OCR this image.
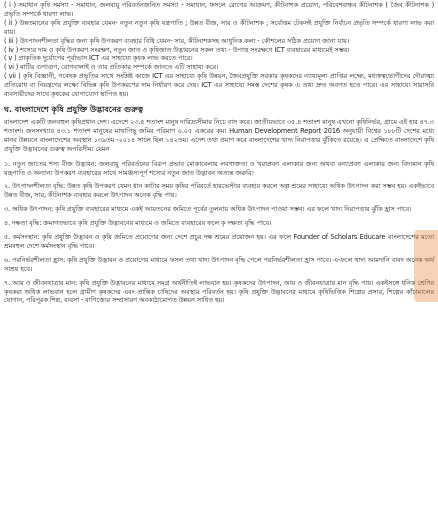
( i ) সমাধান কৃষি সমস্যা - সমাধান, জলবায়ু পরিবর্তনজনিত সমস্যা - সমাধান, ফসলে রোগের আক্রমণ, কীটনাশক প্রয়োগ, পরিবেশবান্ধব কীটনাশক ( জৈব কীটনাশক ) প্রভৃতি সম্পর্কে ধারণা লাভ।

( ii ) উন্নতমানের কৃষি প্রযুক্তি ব্যবহার যেমন- নতুন নতুন কৃষি যন্ত্রপাতি ; উন্নত বীজ, সার ও কীটনাশক ; সর্বোত্তম টেকসই প্রযুক্তি নির্বাচন প্রভৃতি সম্পর্কে ধারণা লাভ করা যায়।

( iii ) উৎপাদনশীলতা বৃদ্ধির জন্য কৃষি উপকরণ ব্যবহার বিধি যেমন- সার, কীটনাশকসহ আধুনিক কলা - কৌশলের সঠিক প্রয়োগ জানা যায়।

( iv ) শস্যের দাম ও কৃষি উপকরণ সংরক্ষণ, নতুন জাত ও কৃষিজাত উদ্ভাবনের সকল তথ্য - উপাত্ত সংরক্ষণে ICT ব্যবহারের মাধ্যমেই সম্ভব।

( v ) প্রাকৃতিক দুর্যোগের পূর্বাভাস ICT এর সাহায্যে কৃষক লাভ করতে পারে।

( vi ) মাটির গুণাগুণ, রোগবালাই ও তার প্রতিকার সম্পর্কে জানতে এটি সাহায্য করে।

( vii ) কৃষি বিজ্ঞানী, গবেষক প্রভৃতির সাথে সংশ্লিষ্ট কাজে ICT এর সাহায্যে কৃষি উন্নয়ন, জৈবপ্রযুক্তি সরকার কৃষকদের ন্যায্যমূল্য প্রাপ্তির লক্ষ্যে, মধ্যস্বত্বভোগীদের দৌরাত্ম্য প্রতিরোধ বা নিয়ন্ত্রণের লক্ষ্যে বিভিন্ন কৃষি উপকরণের দাম নির্ধারণ করে দেয়। ICT এর সাহায্যে সমস্ত দেশের কৃষক এ তথ্য দ্রুত অবগত হতে পারে। এর সাহায্যে সারাসরি ব্যবসায়ীদের সাথে কৃষকের যোগাযোগ স্থাপিত হয়।

ঘ. বাংলাদেশে কৃষি প্রযুক্তি উদ্ভাবনের গুরুত্ব

বাংলাদেশ একটি জনবহুল কৃষিপ্রধান দেশ। এদেশে ২৩.৫ শতাংশ মানুষ দারিদ্র্যসীমার নিচে বাস করে। জাতীয়ভাবে ৩৫.৪ শতাংশ মানুষ এখনো কৃষিনির্ভর, গ্রামে এই হার ৪৭.৩ শতাংশ। জনসংখ্যার ৪৩.১ শতাংশ মানুষের মাথাপিছু জমির পরিমাণ ০.০৫ একরের কম। Human Development Report 2016 অনুযায়ী বিশ্বের ১৮৮টি দেশের মধ্যে মানব উন্নয়নে বাংলাদেশের অবস্থান ১৩৯তম -২০১৪ সালে ছিল ১৪২তম। এদেশ তথ্য প্রমাণ করে বাংলাদেশের খাদ্য নিরাপত্তার ঝুঁকিতে রয়েছে। এ প্রেক্ষিতে বাংলাদেশে কৃষি প্রযুক্তি উদ্ভাবনের গুরুত্ব অপরিসীম। যেমন

১. নতুন জাতের শস্য বীজ উদ্ভাবন: জলবায়ু পরিবর্তনের বিরূপ প্রভাব মোকাবেলায় লবণাক্ততা ও খরাপ্রবণ এলাকার জন্য অথবা বন্যাপ্রবণ এলাকার জন্য বিদ্যমান কৃষি যন্ত্রপাতি ও অন্যান্য উপকরণ ব্যবহারের সাথে সামঞ্জস্যপূর্ণ শস্যের নতুন জাত উদ্ভাবন অত্যন্ত জরুরি।

২. উৎপাদনশীলতা বৃদ্ধি: উন্নত কৃষি উপকরণ যেমন ধান কাটার সময় কৃষির পরিবর্তে হারভেস্টার ব্যবহার করলে অল্প শ্রমের সাহায্যে অধিক উৎপাদন করা সম্ভব হয়। একইভাবে উন্নত বীজ, সার, কীটনাশক ব্যবহার করলে উৎপাদন অনেক বৃদ্ধি পায়।

৩. অধিক উৎপাদন: কৃষি প্রযুক্তি ব্যবহারের মাধ্যমে একই আয়তনের জমিতে পূর্বের তুলনায় অধিক উৎপাদন পাওয়া সম্ভব। এর ফলে খাদ্য নিরাপত্তার ঝুঁকি হ্রাস পাবে।

৪. দক্ষতা বৃদ্ধি: ক্রমাগতভাবে কৃষি প্রযুক্তি উদ্ভাবনের মাধ্যমে ও জমিতে ব্যবহারের ফলে কৃ দক্ষতা বৃদ্ধি পাবে।

৫. কর্মসংস্থান: কৃষি প্রযুক্তি উদ্ভাবন ও কৃষি জমিতে প্রয়োগের জন্য দেশে প্রচুর দক্ষ শ্রমের প্রয়োজন হয়। এর ফলে Founder of Scholars Educare বাংলাদেশের মতো শ্রমবহুল দেশে কর্মসংস্থান বৃদ্ধি পাবে।

৬. পরনির্ভরশীলতা হ্রাস: কৃষি প্রযুক্তি উদ্ভাবন ও প্রয়োগের মাধ্যমে ফসল তথা খাদ্য উৎপাদন বৃদ্ধি পেলে পরনির্ভরশীলতা হ্রাস পাবে। এ-ফলে খাদ্য আমদানি বাবদ অনেক অর্থ সাশ্রয় হবে।

৭. আয় ও জীবনযাত্রার মান: কৃষি প্রযুক্তি উদ্ভাবনের মাধ্যমে সমগ্র অর্থনীতিই লাভবান হয়। কৃষকদের উৎপাদন, আয় ও জীবনযাত্রার মান বৃদ্ধি পায়। একইসঙ্গে ধনিক শ্রেণির কৃষকরা অধিক লাভবান হলে গ্রামীণ কৃষকদের এবং প্রান্তিক চাষিদের অবস্থার পরিবর্তন হয়। কৃষি প্রযুক্তি উদ্ভাবনের মাধ্যমে কৃষিভিত্তিক শিল্পের প্রসার, শিল্পের কাঁচামালের যোগান, পরিপূরক শিল্প, ব্যবসা - বাণিজ্যের সম্প্রসারণ অবকাঠামোগত উন্নয়ন সাধিত হয়।
